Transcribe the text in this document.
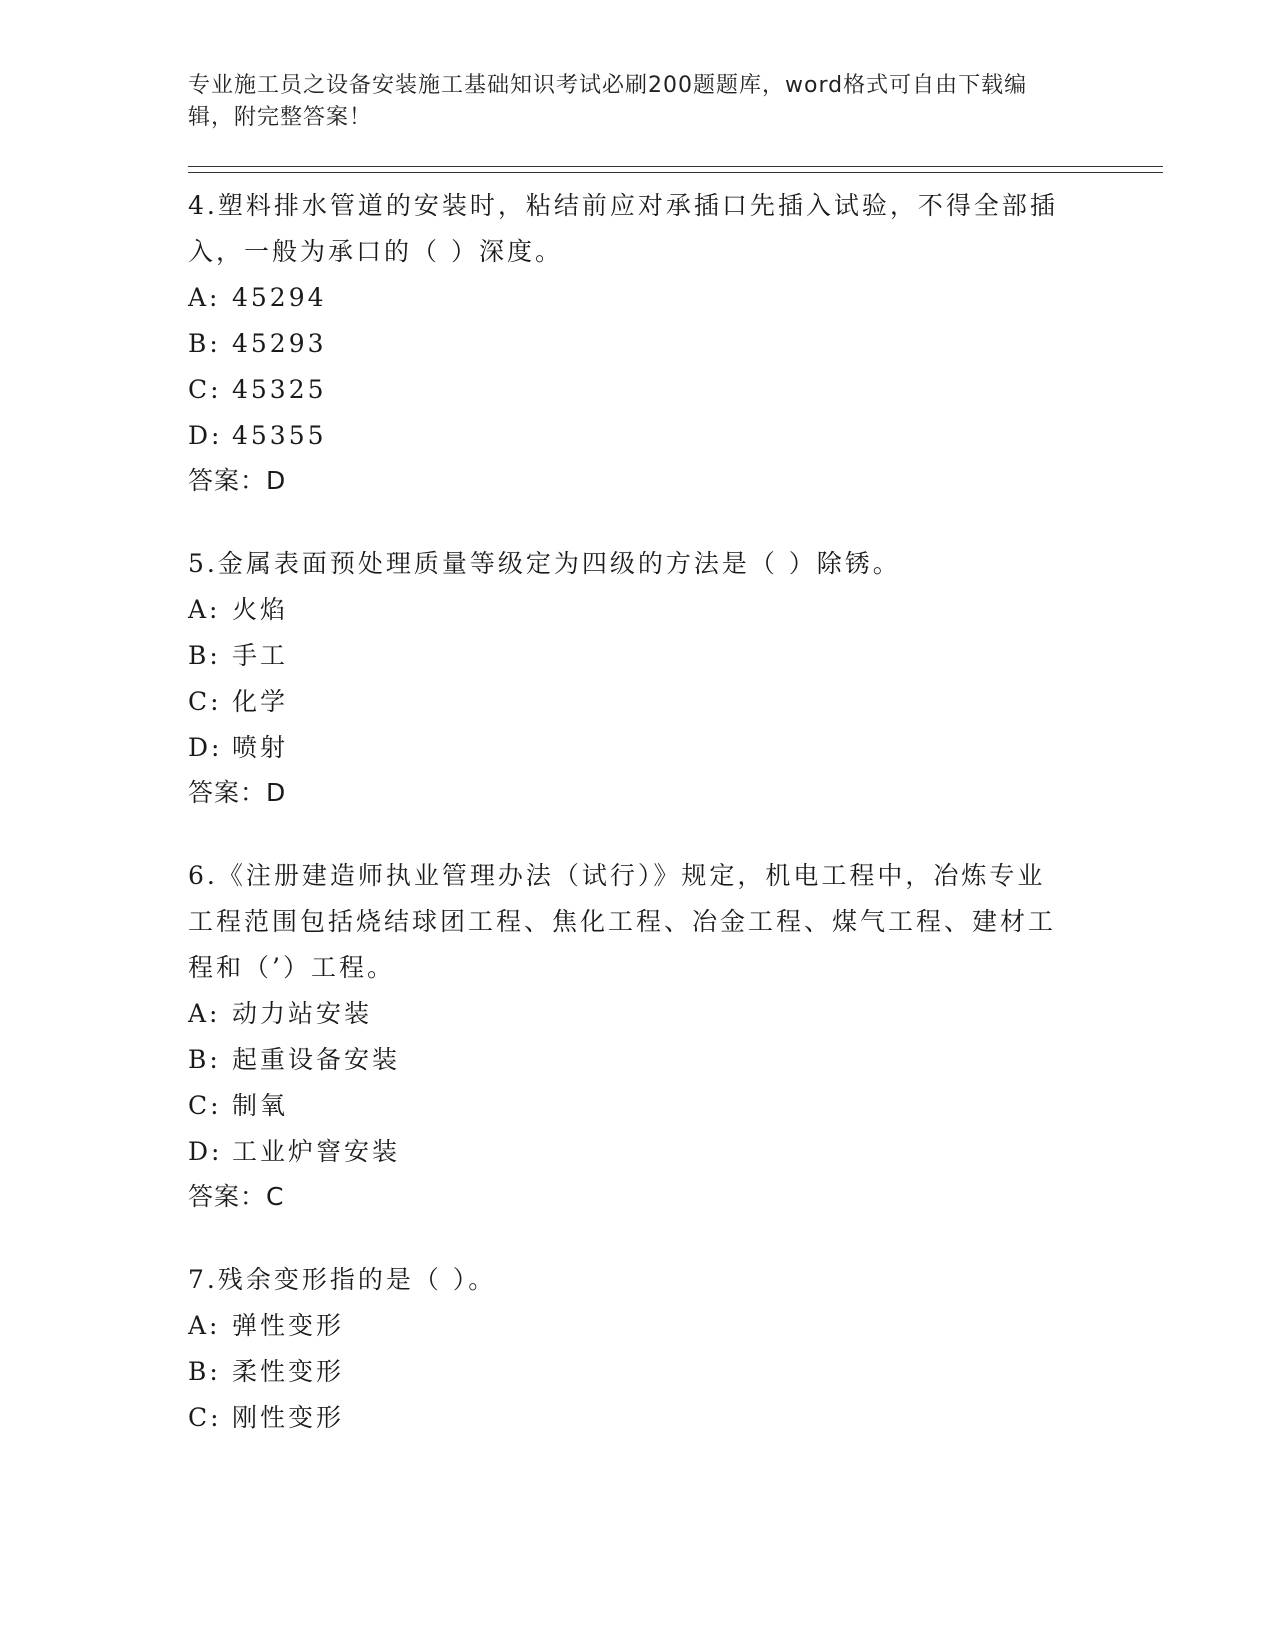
专业施工员之设备安装施工基础知识考试必刷200题题库，word格式可自由下载编辑，附完整答案！

4.塑料排水管道的安装时，粘结前应对承插口先插入试验，不得全部插入，一般为承口的（ ）深度。

A: 45294

B: 45293

C: 45325

D: 45355

答案：D

5.金属表面预处理质量等级定为四级的方法是（ ）除锈。

A: 火焰

B: 手工

C: 化学

D: 喷射

答案：D

6.《注册建造师执业管理办法（试行）》规定，机电工程中，冶炼专业工程范围包括烧结球团工程、焦化工程、冶金工程、煤气工程、建材工程和（’）工程。

A: 动力站安装

B: 起重设备安装

C: 制氧

D: 工业炉窨安装

答案：C

7.残余变形指的是（ ）。

A: 弹性变形

B: 柔性变形

C: 刚性变形
